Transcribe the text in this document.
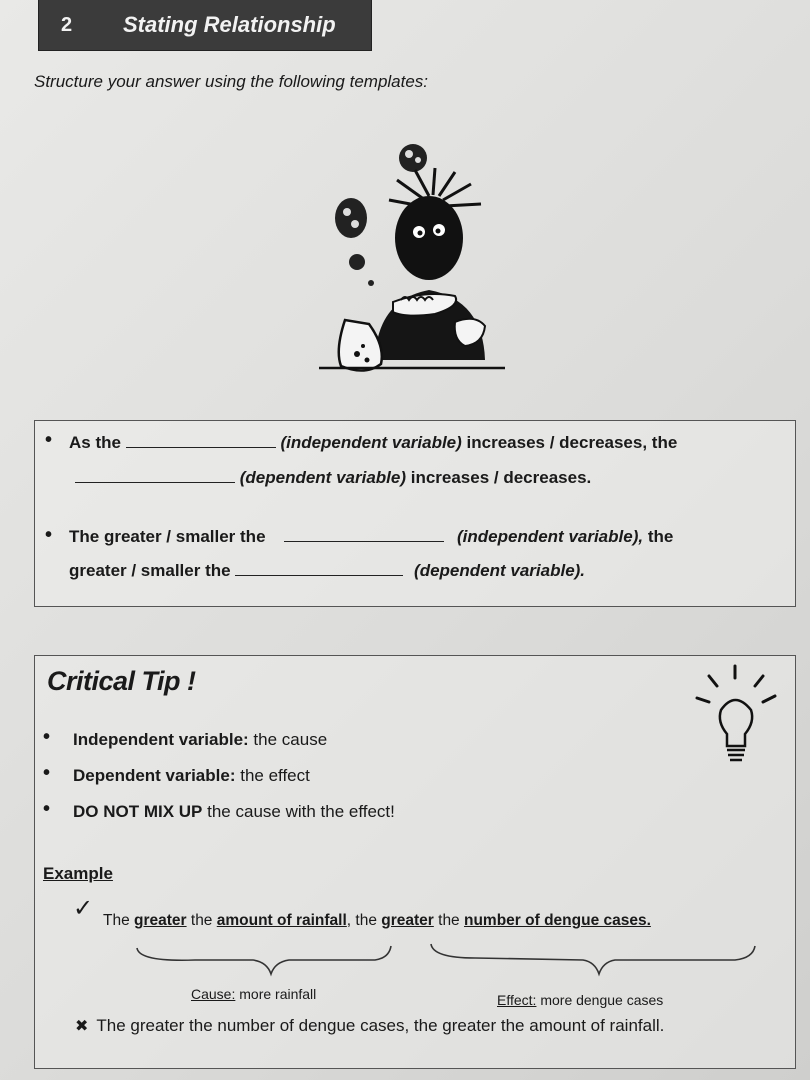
2	Stating Relationship
Structure your answer using the following templates:
• As the	(independent variable) increases / decreases, the
(dependent variable) increases / decreases.
• The greater / smaller the	(independent variable), the
greater / smaller the	(dependent variable).
Critical Tip !
• Independent variable: the cause
• Dependent variable: the effect
• DO NOT MIX UP the cause with the effect!
Example
✓ The greater the amount of rainfall, the greater the number of dengue cases.
Cause: more rainfall	Effect: more dengue cases
✖ The greater the number of dengue cases, the greater the amount of rainfall.
